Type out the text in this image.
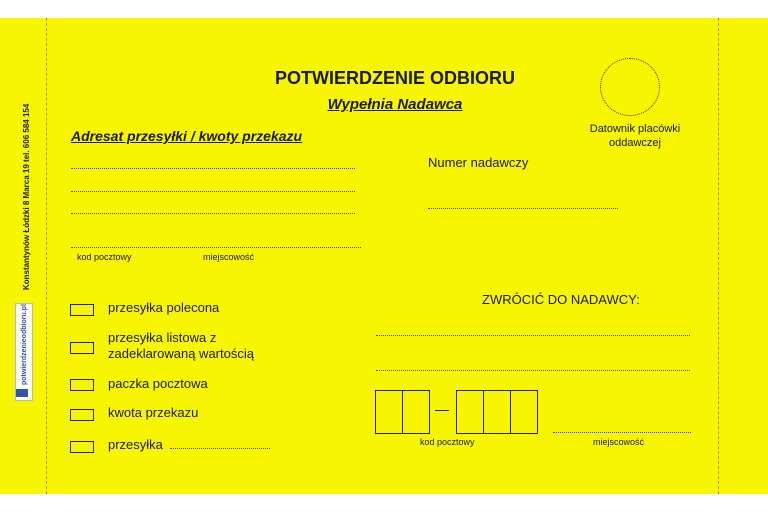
Konstantynów Łódzki 8 Marca 19 tel. 606 584 154
potwierdzenieodbioru.pl
POTWIERDZENIE ODBIORU
Wypełnia Nadawca
Datownik placówki oddawczej
Adresat przesyłki / kwoty przekazu
kod pocztowy	miejscowość
Numer nadawczy
przesyłka polecona
przesyłka listowa z zadeklarowaną wartością
paczka pocztowa
kwota przekazu
przesyłka
ZWRÓCIĆ DO NADAWCY:
kod pocztowy	miejscowość
